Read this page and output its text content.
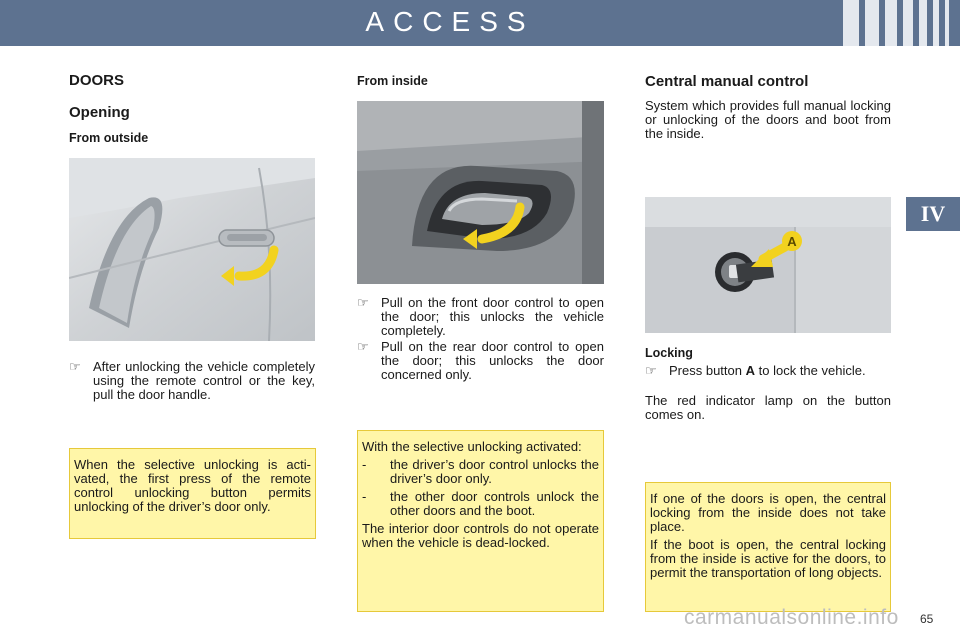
ACCESS
IV
DOORS
Opening
From outside
☞ After unlocking the vehicle completely using the remote control or the key, pull the door handle.

When the selective unlocking is activated, the first press of the remote control unlocking button permits unlocking of the driver’s door only.

From inside
☞ Pull on the front door control to open the door; this unlocks the vehicle completely.
☞ Pull on the rear door control to open the door; this unlocks the door concerned only.

With the selective unlocking activated:

- the driver’s door control unlocks the driver’s door only.
- the other door controls unlock the other doors and the boot.

The interior door controls do not operate when the vehicle is dead-locked.

Central manual control
System which provides full manual locking or unlocking of the doors and boot from the inside.
A
Locking
☞ Press button A to lock the vehicle.
The red indicator lamp on the button comes on.

If one of the doors is open, the central locking from the inside does not take place.

If the boot is open, the central locking from the inside is active for the doors, to permit the transportation of long objects.

65
carmanualsonline.info
